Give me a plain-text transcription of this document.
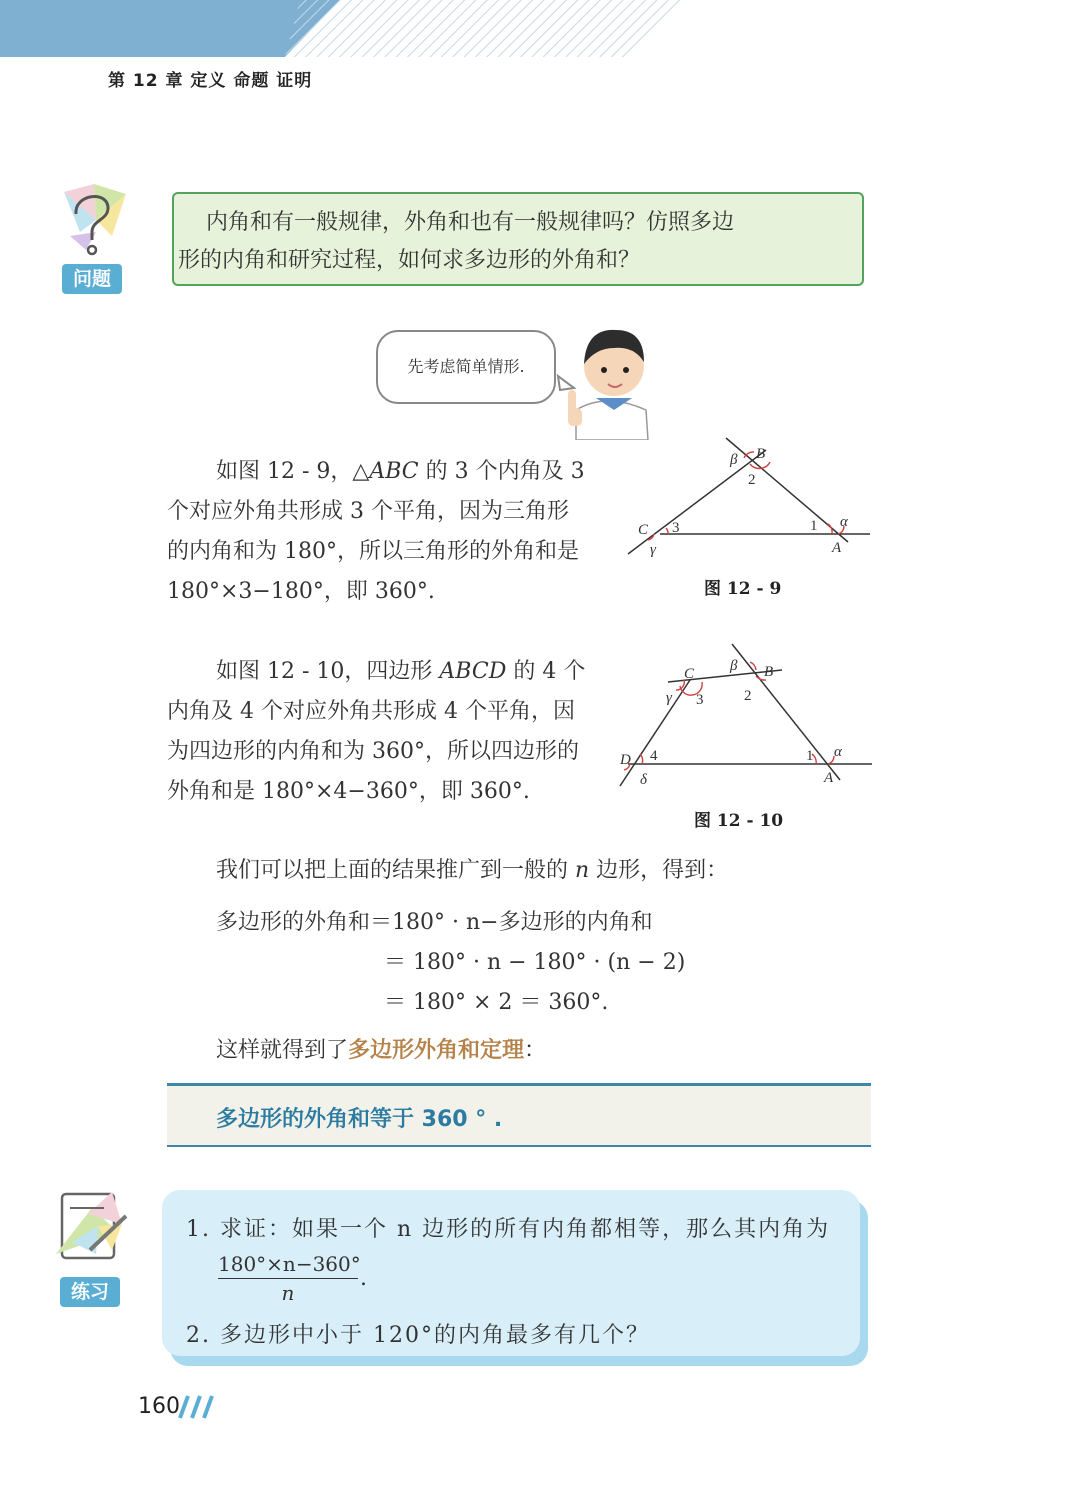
第 12 章 定义 命题 证明
问题
内角和有一般规律，外角和也有一般规律吗？仿照多边
形的内角和研究过程，如何求多边形的外角和？
先考虑简单情形.
如图 12 - 9，△ABC 的 3 个内角及 3
个对应外角共形成 3 个平角，因为三角形
的内角和为 180°，所以三角形的外角和是
180°×3−180°，即 360°.
B
β
2
C 3
γ
1 α
A
图 12 - 9
如图 12 - 10，四边形 ABCD 的 4 个
内角及 4 个对应外角共形成 4 个平角，因
为四边形的内角和为 360°，所以四边形的
外角和是 180°×4−360°，即 360°.
C
γ 3
β B
2
D 4
δ
1 α
A
图 12 - 10
我们可以把上面的结果推广到一般的 n 边形，得到：
多边形的外角和＝180° · n−多边形的内角和
＝ 180° · n − 180° · (n − 2)
＝ 180° × 2 ＝ 360°.
这样就得到了多边形外角和定理：
多边形的外角和等于 360 ° .
练习
1. 求证：如果一个 n 边形的所有内角都相等，那么其内角为
$\frac{180^\circ\times n-360^\circ}{n}$ .
2. 多边形中小于 120°的内角最多有几个？
160
